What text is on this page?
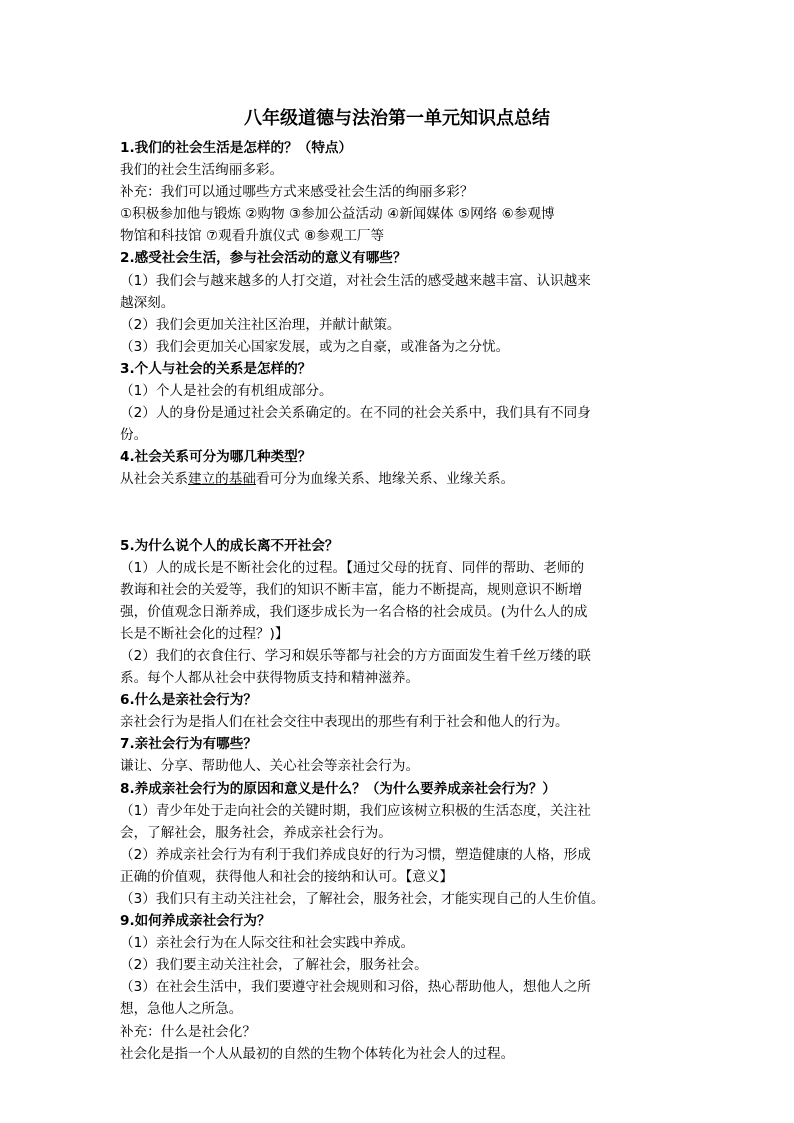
八年级道德与法治第一单元知识点总结
1.我们的社会生活是怎样的？（特点）
我们的社会生活绚丽多彩。
补充：我们可以通过哪些方式来感受社会生活的绚丽多彩？
①积极参加他与锻炼 ②购物 ③参加公益活动 ④新闻媒体 ⑤网络 ⑥参观博
物馆和科技馆 ⑦观看升旗仪式 ⑧参观工厂等
2.感受社会生活，参与社会活动的意义有哪些？
（1）我们会与越来越多的人打交道，对社会生活的感受越来越丰富、认识越来
越深刻。
（2）我们会更加关注社区治理，并献计献策。
（3）我们会更加关心国家发展，或为之自豪，或准备为之分忧。
3.个人与社会的关系是怎样的？
（1）个人是社会的有机组成部分。
（2）人的身份是通过社会关系确定的。在不同的社会关系中，我们具有不同身
份。
4.社会关系可分为哪几种类型？
从社会关系建立的基础看可分为血缘关系、地缘关系、业缘关系。
5.为什么说个人的成长离不开社会？
（1）人的成长是不断社会化的过程。【通过父母的抚育、同伴的帮助、老师的
教诲和社会的关爱等，我们的知识不断丰富，能力不断提高，规则意识不断增
强，价值观念日渐养成，我们逐步成长为一名合格的社会成员。(为什么人的成
长是不断社会化的过程？)】
（2）我们的衣食住行、学习和娱乐等都与社会的方方面面发生着千丝万缕的联
系。每个人都从社会中获得物质支持和精神滋养。
6.什么是亲社会行为？
亲社会行为是指人们在社会交往中表现出的那些有利于社会和他人的行为。
7.亲社会行为有哪些？
谦让、分享、帮助他人、关心社会等亲社会行为。
8.养成亲社会行为的原因和意义是什么？（为什么要养成亲社会行为？）
（1）青少年处于走向社会的关键时期，我们应该树立积极的生活态度，关注社
会，了解社会，服务社会，养成亲社会行为。
（2）养成亲社会行为有利于我们养成良好的行为习惯，塑造健康的人格，形成
正确的价值观，获得他人和社会的接纳和认可。【意义】
（3）我们只有主动关注社会，了解社会，服务社会，才能实现自己的人生价值。
9.如何养成亲社会行为？
（1）亲社会行为在人际交往和社会实践中养成。
（2）我们要主动关注社会，了解社会，服务社会。
（3）在社会生活中，我们要遵守社会规则和习俗，热心帮助他人，想他人之所
想，急他人之所急。
补充：什么是社会化？
社会化是指一个人从最初的自然的生物个体转化为社会人的过程。
